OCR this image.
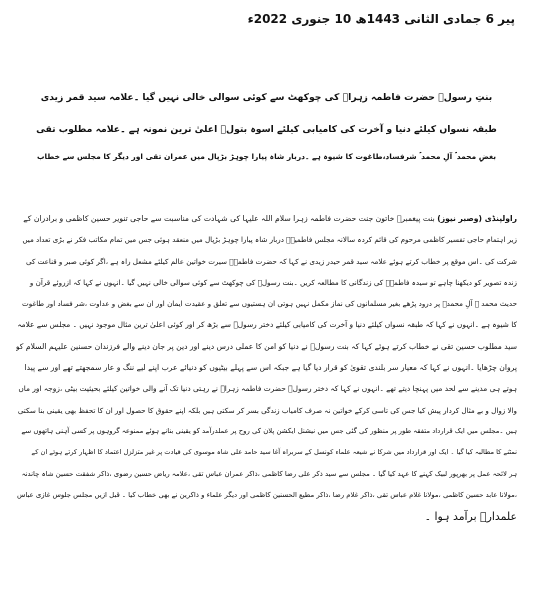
پیر 6 جمادی الثانی 1443ھ 10 جنوری 2022ء
بنتِ رسولؐ حضرت فاطمہ زہراؑ کی چوکھٹ سے کوئی سوالی خالی نہیں گیا ۔علامہ سید قمر زیدی
طبقہ نسواں کیلئے دنیا و آخرت کی کامیابی کیلئے اسوہ بتولؑ اعلیٰ ترین نمونہ ہے ۔علامہ مطلوب تقی
بغضِ محمد ؐ آلِ محمد ؐ شرفساد،طاغوت کا شیوہ ہے ۔دربار شاہ پیارا چوہڑ بڑپال میں عمران تقی اور دیگر کا مجلس سے خطاب

راولپنڈی (وصبر نیوز) بنت پیغمبرؐ خاتون جنت حضرت فاطمہ زہرا سلام اللہ علیہا کی شہادت کی مناسبت سے حاجی تنویر حسین کاظمی و برادران کے

زیر اہتمام حاجی تفسیر کاظمی مرحوم کی قائم کردہ سالانہ مجلس فاطمیہؑ دربار شاہ پیارا چوہڑ بڑپال میں منعقد ہوئی جس میں تمام مکاتب فکر نے بڑی تعداد میں

شرکت کی ۔اس موقع پر خطاب کرتے ہوئے علامہ سید قمر حیدر زیدی نے کہا کہ حضرت فاطمہؑ سیرت خواتین عالم کیلئے مشعل راہ ہے ،اگر کوئی صبر و قناعت کی

زندہ تصویر کو دیکھنا چاہے تو سیدہ فاطمہؑ کی زندگانی کا مطالعہ کریں ۔بنت رسولؐ کی چوکھٹ سے کوئی سوالی خالی نہیں گیا ۔انہوں نے کہا کہ ازروئے قرآن و

حدیث محمد ؐ آلِ محمدؐ پر درود پڑھے بغیر مسلمانوں کی نماز مکمل نہیں ہوتی ان ہستیوں سے تعلق و عقیدت ایمان اور ان سے بغض و عداوت ،شر فساد اور طاغوت

کا شیوہ ہے ۔انہوں نے کہا کہ طبقہ نسواں کیلئے دنیا و آخرت کی کامیابی کیلئے دختر رسولؐ سے بڑھ کر اور کوئی اعلیٰ ترین مثال موجود نہیں ۔ مجلس سے علامہ

سید مطلوب حسین تقی نے خطاب کرتے ہوئے کہا کہ بنت رسولؐ نے دنیا کو امن کا عملی درس دینے اور دین پر جان دینے والے فرزندان حسنین علیہم السلام کو

پروان چڑھایا ۔انہوں نے کہا کہ معیار سر بلندی تقویٰ کو قرار دیا گیا ہے جبکہ اس سے پہلے بیٹیوں کو دنیائے عرب اپنے لیے ننگ و عار سمجھتے تھے اور سے پیدا

ہوتے ہی مدینے سے لحد میں پہنچا دیتے تھے ۔انہوں نے کہا کہ دختر رسولؐ حضرت فاطمہ زہراؑ نے رہتی دنیا تک آنے والی خواتین کیلئے بحیثیت بیٹی ،زوجہ اور ماں

والا زوال و بے مثال کردار پیش کیا جس کی تاسی کرکے خواتین نہ صرف کامیاب زندگی بسر کر سکتی ہیں بلکہ اپنے حقوق کا حصول اور ان کا تحفظ بھی یقینی بنا سکتی

ہیں ۔مجلس میں ایک قرارداد متفقہ طور پر منظور کی گئی جس میں نیشنل ایکشن پلان کی روح پر عملدرآمد کو یقینی بنانے ہوئے ممنوعہ گروہوں پر کسی آہنی ہاتھوں سے

نمٹنے کا مطالبہ کیا گیا ۔ ایک اور قرارداد میں شرکا نے شیعہ علماء کونسل کے سربراہ آغا سید حامد علی شاہ موسوی کی قیادت پر غیر متزلزل اعتماد کا اظہار کرتے ہوئے ان کے

ہر لائحہ عمل پر بھرپور لبیک کہنے کا عہد کیا گیا ۔ مجلس سے سید ذکر علی رضا کاظمی ،ذاکر عمران عباس تقی ،علامہ ریاض حسین رضوی ،ذاکر شفقت حسین شاہ چاندنہ

،مولانا عابد حسین کاظمی ،مولانا غلام عباس تقی ،ذاکر غلام رضا ،ذاکر مطیع الحسنین کاظمی اور دیگر علماء و ذاکرین نے بھی خطاب کیا ۔ قبل ازیں مجلس جلوس غازی عباس

علمدارؑ برآمد ہوا ۔
